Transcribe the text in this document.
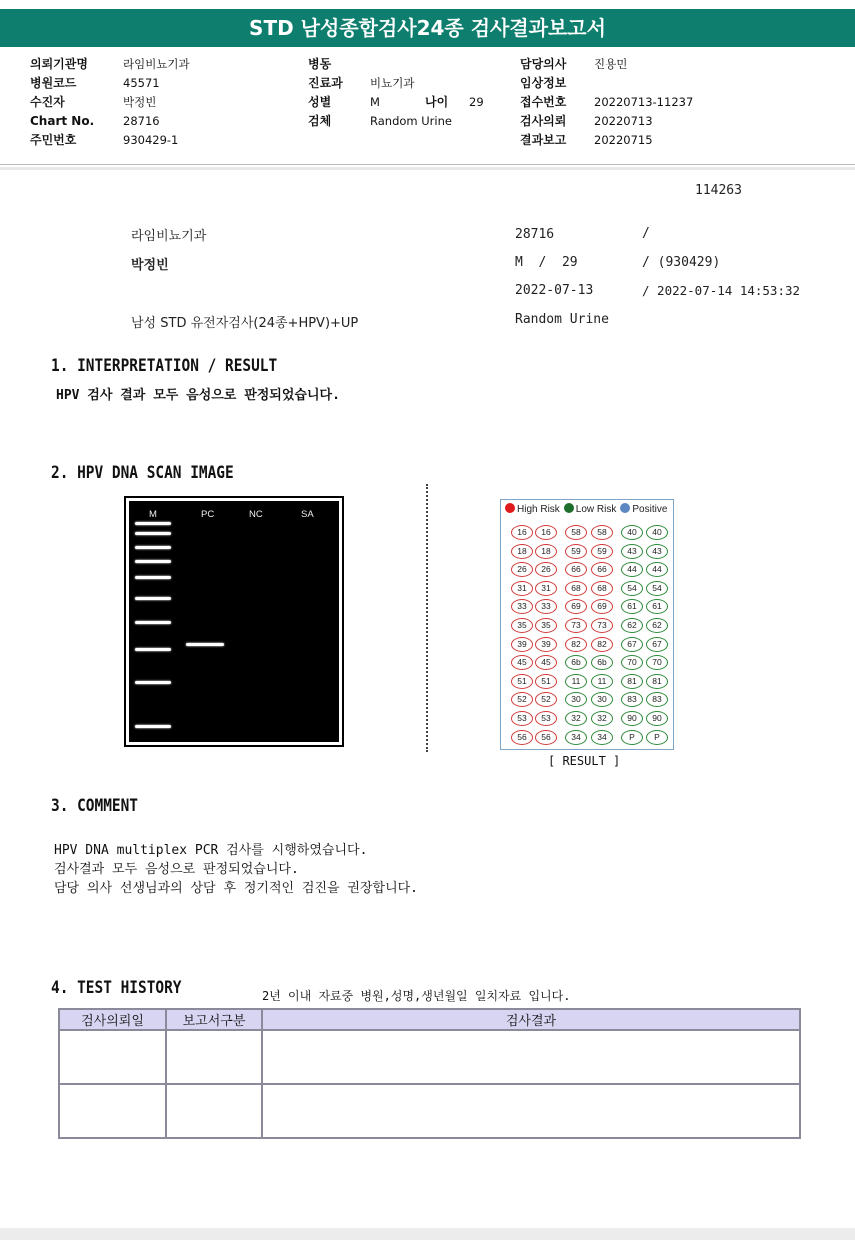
STD 남성종합검사24종 검사결과보고서
의뢰기관명	라임비뇨기과
병원코드	45571
수진자	박정빈
Chart No.	28716
주민번호	930429-1
병동
진료과	비뇨기과
성별	M	나이	29
검체	Random Urine
담당의사	진용민
임상정보
접수번호	20220713-11237
검사의뢰	20220713
결과보고	20220715
114263
라임비뇨기과
박정빈
남성 STD 유전자검사(24종+HPV)+UP
28716	/
M  /  29	/ (930429)
2022-07-13	/ 2022-07-14 14:53:32
Random Urine
1. INTERPRETATION / RESULT
HPV 검사 결과 모두 음성으로 판정되었습니다.
2. HPV DNA SCAN IMAGE
M	PC	NC	SA	High Risk	Low Risk	Positive
16	16	58	58	40	40
18	18	59	59	43	43
26	26	66	66	44	44
31	31	68	68	54	54
33	33	69	69	61	61
35	35	73	73	62	62
39	39	82	82	67	67
45	45	6b	6b	70	70
51	51	11	11	81	81
52	52	30	30	83	83
53	53	32	32	90	90
56	56	34	34	P	P
[ RESULT ]
3. COMMENT
HPV DNA multiplex PCR 검사를 시행하였습니다.
검사결과 모두 음성으로 판정되었습니다.
담당 의사 선생님과의 상담 후 정기적인 검진을 권장합니다.
4. TEST HISTORY	2년 이내 자료중 병원,성명,생년월일 일치자료 입니다.
검사의뢰일	보고서구분	검사결과
